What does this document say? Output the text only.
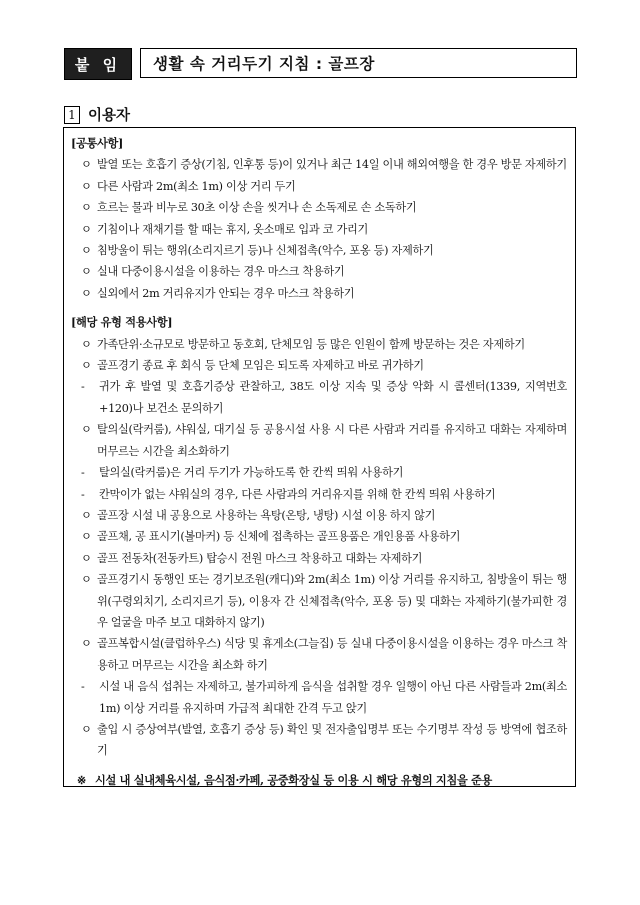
붙 임	생활 속 거리두기 지침 : 골프장
1 이용자
[공통사항]
ㅇ 발열 또는 호흡기 증상(기침, 인후통 등)이 있거나 최근 14일 이내 해외여행을 한 경우 방문 자제하기
ㅇ 다른 사람과 2m(최소 1m) 이상 거리 두기
ㅇ 흐르는 물과 비누로 30초 이상 손을 씻거나 손 소독제로 손 소독하기
ㅇ 기침이나 재채기를 할 때는 휴지, 옷소매로 입과 코 가리기
ㅇ 침방울이 튀는 행위(소리지르기 등)나 신체접촉(악수, 포옹 등) 자제하기
ㅇ 실내 다중이용시설을 이용하는 경우 마스크 착용하기
ㅇ 실외에서 2m 거리유지가 안되는 경우 마스크 착용하기
[해당 유형 적용사항]
ㅇ 가족단위·소규모로 방문하고 동호회, 단체모임 등 많은 인원이 함께 방문하는 것은 자제하기
ㅇ 골프경기 종료 후 회식 등 단체 모임은 되도록 자제하고 바로 귀가하기
-	귀가 후 발열 및 호흡기증상 관찰하고, 38도 이상 지속 및 증상 악화 시 콜센터(1339, 지역번호 +120)나 보건소 문의하기
ㅇ 탈의실(락커룸), 샤워실, 대기실 등 공용시설 사용 시 다른 사람과 거리를 유지하고 대화는 자제하며 머무르는 시간을 최소화하기
-	탈의실(락커룸)은 거리 두기가 가능하도록 한 칸씩 띄워 사용하기
-	칸막이가 없는 샤워실의 경우, 다른 사람과의 거리유지를 위해 한 칸씩 띄워 사용하기
ㅇ 골프장 시설 내 공용으로 사용하는 욕탕(온탕, 냉탕) 시설 이용 하지 않기
ㅇ 골프채, 공 표시기(볼마커) 등 신체에 접촉하는 골프용품은 개인용품 사용하기
ㅇ 골프 전동차(전동카트) 탑승시 전원 마스크 착용하고 대화는 자제하기
ㅇ 골프경기시 동행인 또는 경기보조원(캐디)와 2m(최소 1m) 이상 거리를 유지하고, 침방울이 튀는 행위(구령외치기, 소리지르기 등), 이용자 간 신체접촉(악수, 포옹 등) 및 대화는 자제하기(불가피한 경우 얼굴을 마주 보고 대화하지 않기)
ㅇ 골프복합시설(클럽하우스) 식당 및 휴게소(그늘집) 등 실내 다중이용시설을 이용하는 경우 마스크 착용하고 머무르는 시간을 최소화 하기
-	시설 내 음식 섭취는 자제하고, 불가피하게 음식을 섭취할 경우 일행이 아닌 다른 사람들과 2m(최소 1m) 이상 거리를 유지하며 가급적 최대한 간격 두고 앉기
ㅇ 출입 시 증상여부(발열, 호흡기 증상 등) 확인 및 전자출입명부 또는 수기명부 작성 등 방역에 협조하기
※ 시설 내 실내체육시설, 음식점·카페, 공중화장실 등 이용 시 해당 유형의 지침을 준용
